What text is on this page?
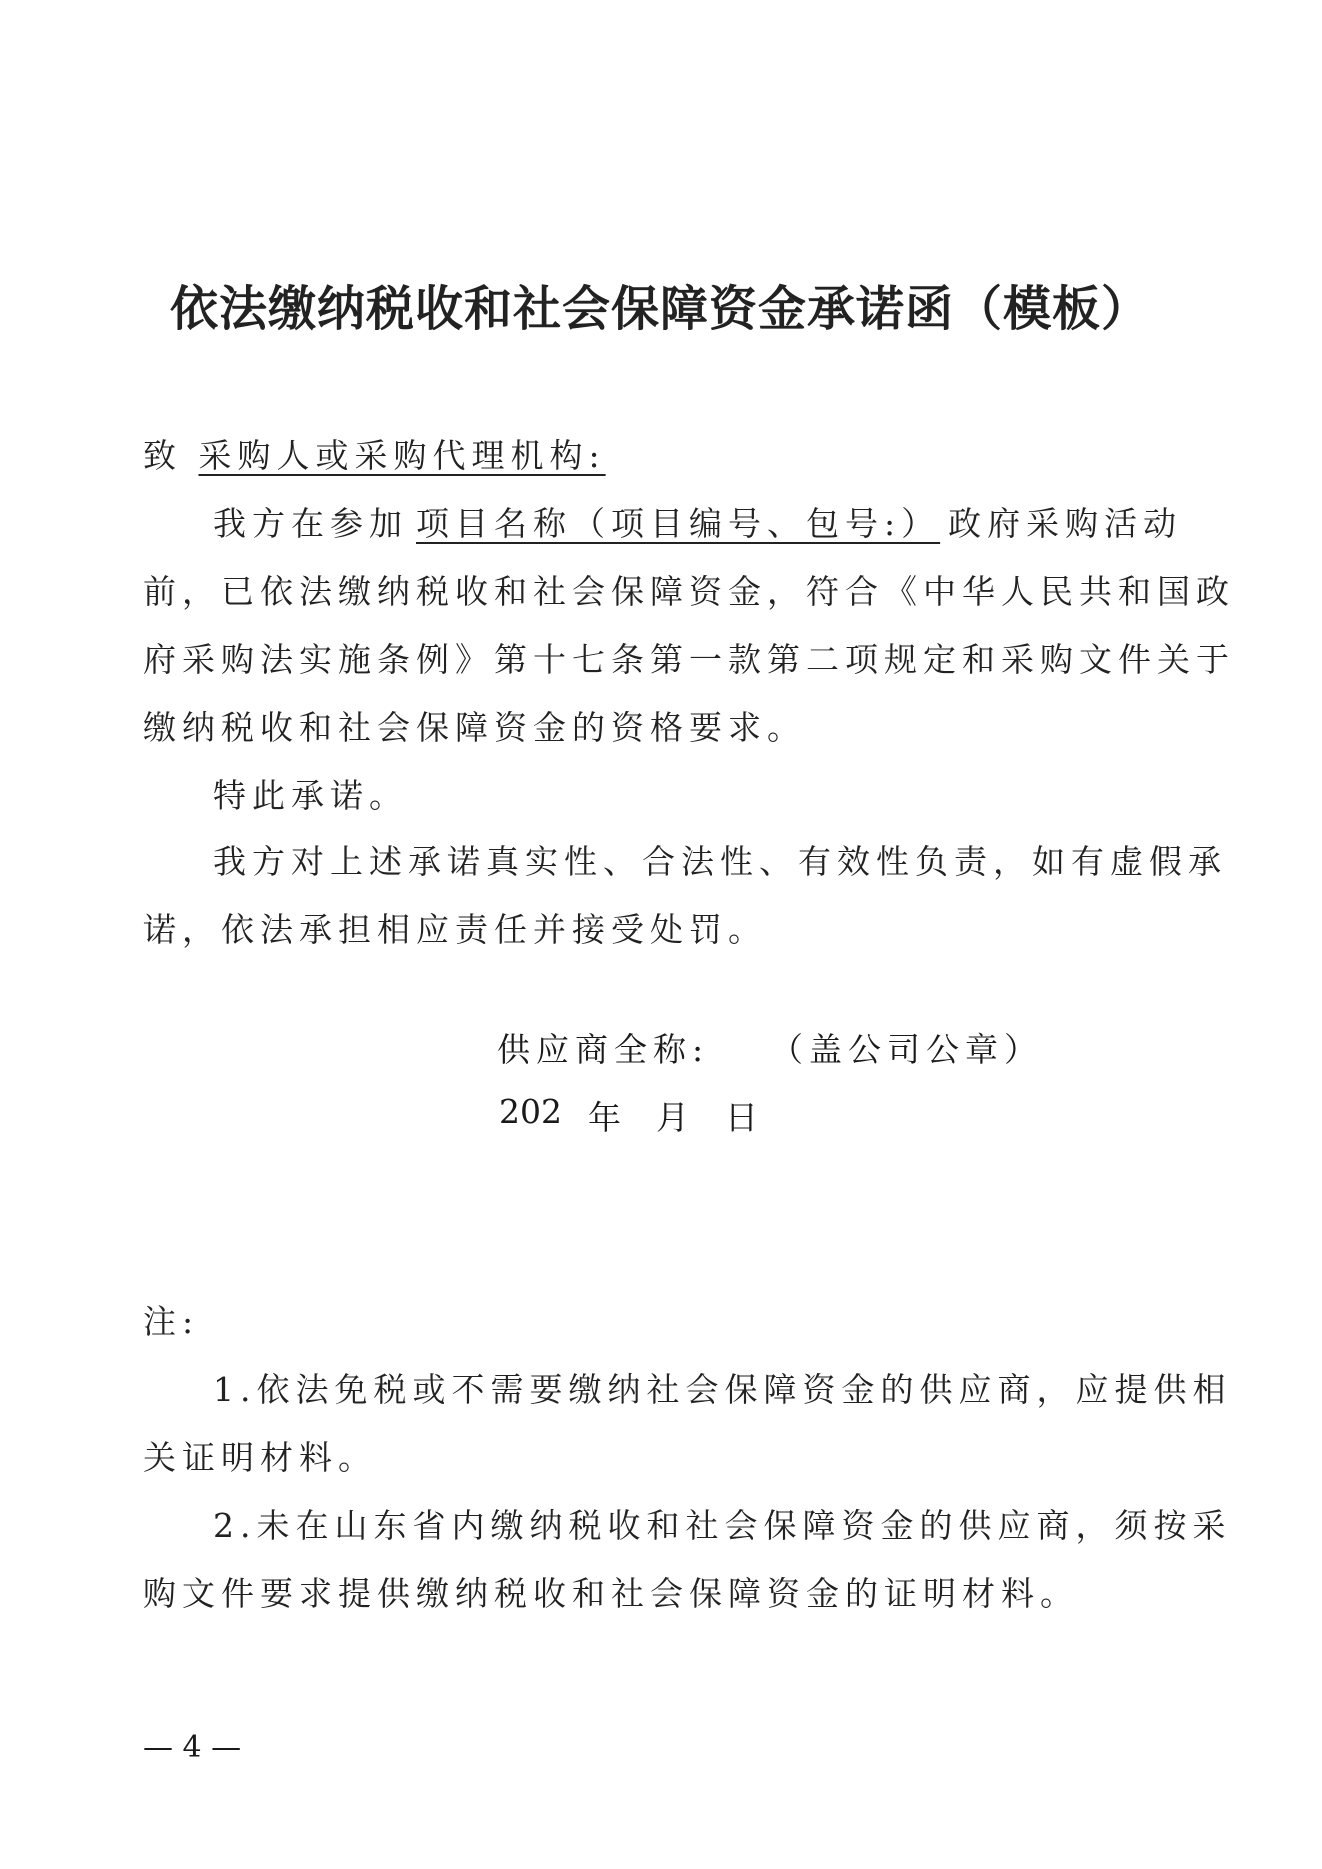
依法缴纳税收和社会保障资金承诺函（模板）
致 采购人或采购代理机构:
我方在参加 项目名称（项目编号、包号:） 政府采购活动
前，已依法缴纳税收和社会保障资金，符合《中华人民共和国政
府采购法实施条例》第十七条第一款第二项规定和采购文件关于
缴纳税收和社会保障资金的资格要求。
特此承诺。
我方对上述承诺真实性、合法性、有效性负责，如有虚假承
诺，依法承担相应责任并接受处罚。
供应商全称: （盖公司公章）
202 年 月 日
注:
1.依法免税或不需要缴纳社会保障资金的供应商，应提供相
关证明材料。
2.未在山东省内缴纳税收和社会保障资金的供应商，须按采
购文件要求提供缴纳税收和社会保障资金的证明材料。
— 4 —
